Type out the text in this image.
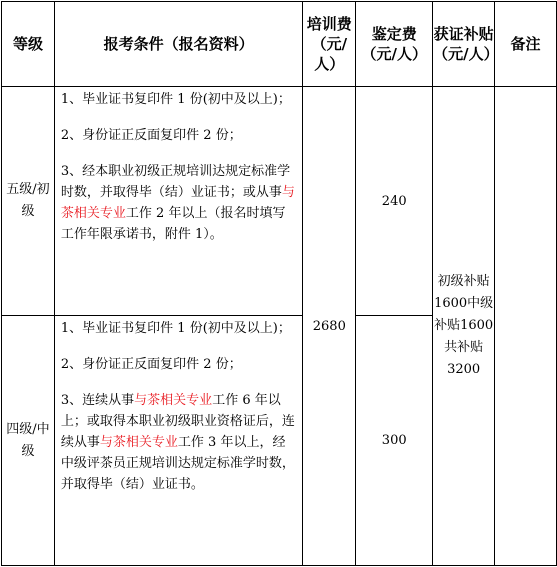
等级	报考条件（报名资料）	培训费（元/人）	鉴定费（元/人）	获证补贴（元/人）	备注
五级/初级	1、毕业证书复印件 1 份(初中及以上)；

2、身份证正反面复印件 2 份；

3、经本职业初级正规培训达规定标准学时数，并取得毕（结）业证书；或从事与茶相关专业工作 2 年以上（报名时填写工作年限承诺书，附件 1）。	2680	240	初级补贴1600中级补贴1600共补贴3200	
四级/中级	1、毕业证书复印件 1 份(初中及以上)；

2、身份证正反面复印件 2 份；

3、连续从事与茶相关专业工作 6 年以上；或取得本职业初级职业资格证后，连续从事与茶相关专业工作 3 年以上，经中级评茶员正规培训达规定标准学时数，并取得毕（结）业证书。		300		
